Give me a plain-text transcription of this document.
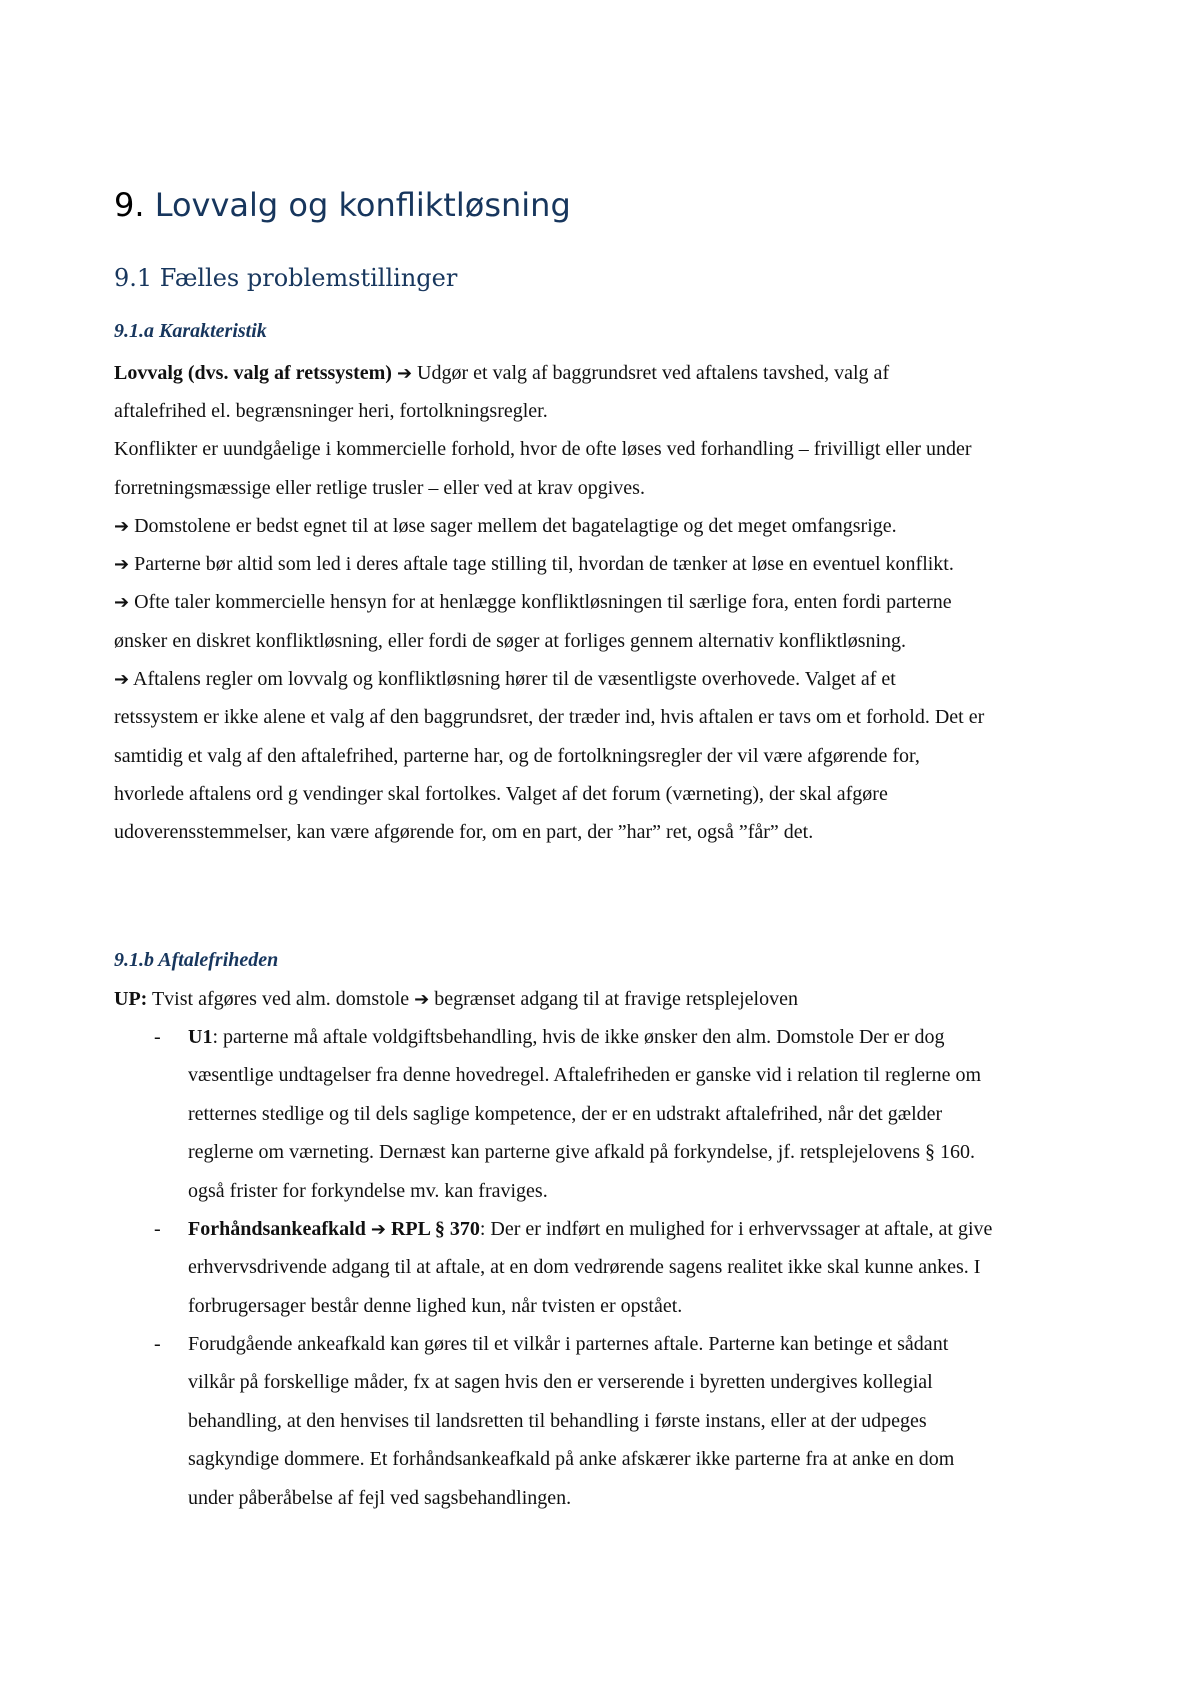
9. Lovvalg og konfliktløsning
9.1 Fælles problemstillinger
9.1.a Karakteristik
Lovvalg (dvs. valg af retssystem) ➔ Udgør et valg af baggrundsret ved aftalens tavshed, valg af
aftalefrihed el. begrænsninger heri, fortolkningsregler.
Konflikter er uundgåelige i kommercielle forhold, hvor de ofte løses ved forhandling – frivilligt eller under
forretningsmæssige eller retlige trusler – eller ved at krav opgives.
➔ Domstolene er bedst egnet til at løse sager mellem det bagatelagtige og det meget omfangsrige.
➔ Parterne bør altid som led i deres aftale tage stilling til, hvordan de tænker at løse en eventuel konflikt.
➔ Ofte taler kommercielle hensyn for at henlægge konfliktløsningen til særlige fora, enten fordi parterne
ønsker en diskret konfliktløsning, eller fordi de søger at forliges gennem alternativ konfliktløsning.
➔ Aftalens regler om lovvalg og konfliktløsning hører til de væsentligste overhovede. Valget af et
retssystem er ikke alene et valg af den baggrundsret, der træder ind, hvis aftalen er tavs om et forhold. Det er
samtidig et valg af den aftalefrihed, parterne har, og de fortolkningsregler der vil være afgørende for,
hvorlede aftalens ord g vendinger skal fortolkes. Valget af det forum (værneting), der skal afgøre
udoverensstemmelser, kan være afgørende for, om en part, der ”har” ret, også ”får” det.
9.1.b Aftalefriheden
UP: Tvist afgøres ved alm. domstole ➔ begrænset adgang til at fravige retsplejeloven
- U1: parterne må aftale voldgiftsbehandling, hvis de ikke ønsker den alm. Domstole Der er dog
væsentlige undtagelser fra denne hovedregel. Aftalefriheden er ganske vid i relation til reglerne om
retternes stedlige og til dels saglige kompetence, der er en udstrakt aftalefrihed, når det gælder
reglerne om værneting. Dernæst kan parterne give afkald på forkyndelse, jf. retsplejelovens § 160.
også frister for forkyndelse mv. kan fraviges.
- Forhåndsankeafkald ➔ RPL § 370: Der er indført en mulighed for i erhvervssager at aftale, at give
erhvervsdrivende adgang til at aftale, at en dom vedrørende sagens realitet ikke skal kunne ankes. I
forbrugersager består denne lighed kun, når tvisten er opstået.
- Forudgående ankeafkald kan gøres til et vilkår i parternes aftale. Parterne kan betinge et sådant
vilkår på forskellige måder, fx at sagen hvis den er verserende i byretten undergives kollegial
behandling, at den henvises til landsretten til behandling i første instans, eller at der udpeges
sagkyndige dommere. Et forhåndsankeafkald på anke afskærer ikke parterne fra at anke en dom
under påberåbelse af fejl ved sagsbehandlingen.
